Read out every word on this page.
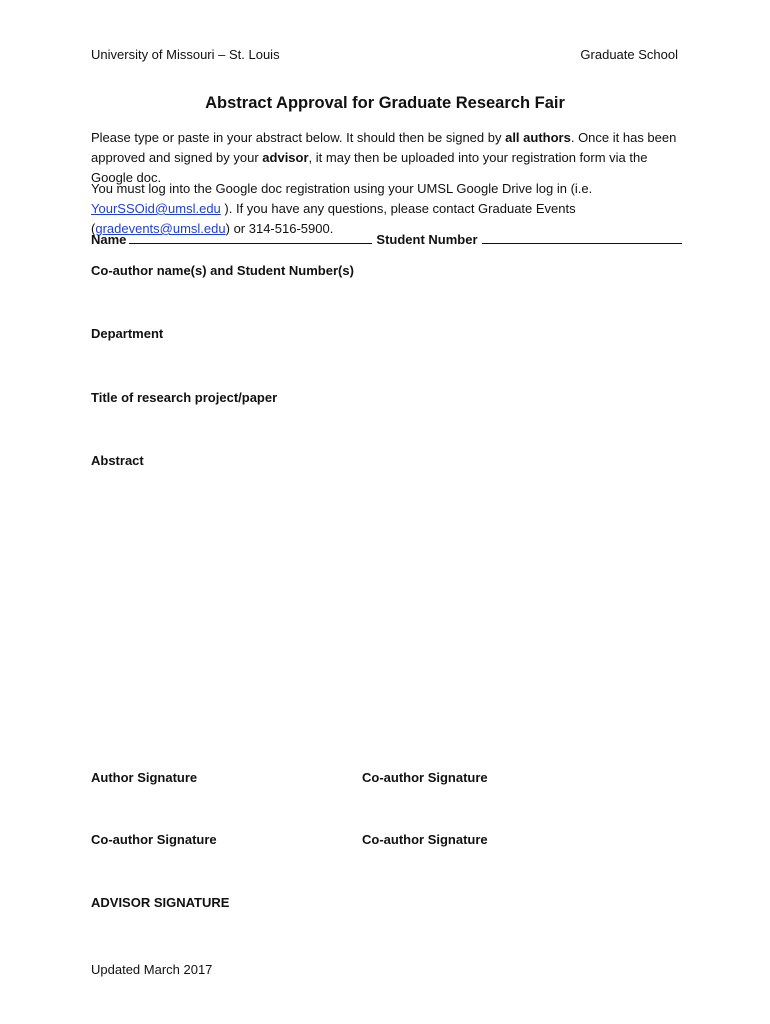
University of Missouri – St. Louis	Graduate School
Abstract Approval for Graduate Research Fair
Please type or paste in your abstract below. It should then be signed by all authors. Once it has been approved and signed by your advisor, it may then be uploaded into your registration form via the Google doc.
You must log into the Google doc registration using your UMSL Google Drive log in (i.e. YourSSOid@umsl.edu ). If you have any questions, please contact Graduate Events (gradevents@umsl.edu) or 314-516-5900.
Name	Student Number
Co-author name(s) and Student Number(s)
Department
Title of research project/paper
Abstract
Author Signature	Co-author Signature
Co-author Signature	Co-author Signature
ADVISOR SIGNATURE
Updated March 2017
